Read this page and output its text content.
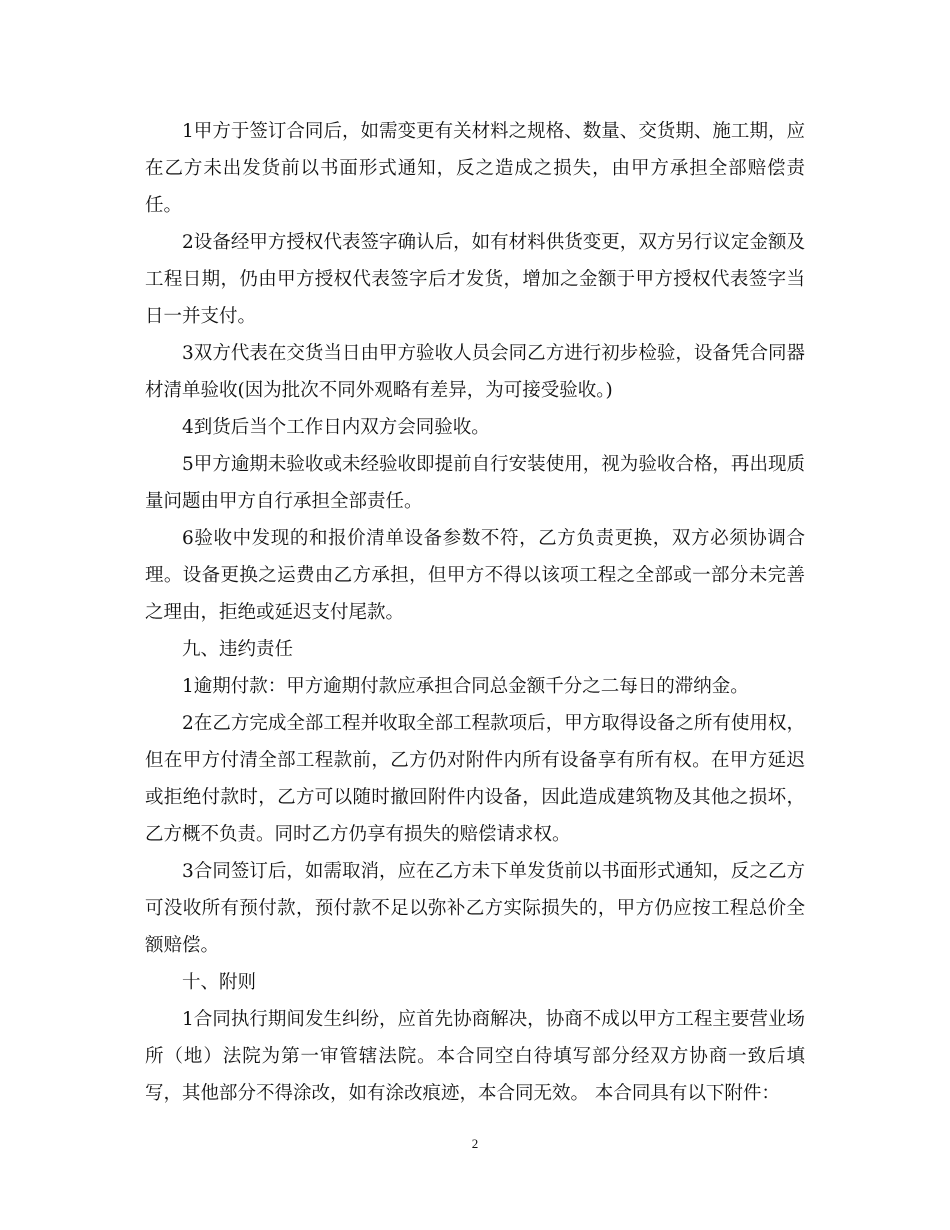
1甲方于签订合同后，如需变更有关材料之规格、数量、交货期、施工期，应在乙方未出发货前以书面形式通知，反之造成之损失，由甲方承担全部赔偿责任。

2设备经甲方授权代表签字确认后，如有材料供货变更，双方另行议定金额及工程日期，仍由甲方授权代表签字后才发货，增加之金额于甲方授权代表签字当日一并支付。

3双方代表在交货当日由甲方验收人员会同乙方进行初步检验，设备凭合同器材清单验收(因为批次不同外观略有差异，为可接受验收。)

4到货后当个工作日内双方会同验收。

5甲方逾期未验收或未经验收即提前自行安装使用，视为验收合格，再出现质量问题由甲方自行承担全部责任。

6验收中发现的和报价清单设备参数不符，乙方负责更换，双方必须协调合理。设备更换之运费由乙方承担，但甲方不得以该项工程之全部或一部分未完善之理由，拒绝或延迟支付尾款。

九、违约责任

1逾期付款：甲方逾期付款应承担合同总金额千分之二每日的滞纳金。

2在乙方完成全部工程并收取全部工程款项后，甲方取得设备之所有使用权，但在甲方付清全部工程款前，乙方仍对附件内所有设备享有所有权。在甲方延迟或拒绝付款时，乙方可以随时撤回附件内设备，因此造成建筑物及其他之损坏，乙方概不负责。同时乙方仍享有损失的赔偿请求权。

3合同签订后，如需取消，应在乙方未下单发货前以书面形式通知，反之乙方可没收所有预付款，预付款不足以弥补乙方实际损失的，甲方仍应按工程总价全额赔偿。

十、附则

1合同执行期间发生纠纷，应首先协商解决，协商不成以甲方工程主要营业场所（地）法院为第一审管辖法院。本合同空白待填写部分经双方协商一致后填写，其他部分不得涂改，如有涂改痕迹，本合同无效。 本合同具有以下附件：

2
